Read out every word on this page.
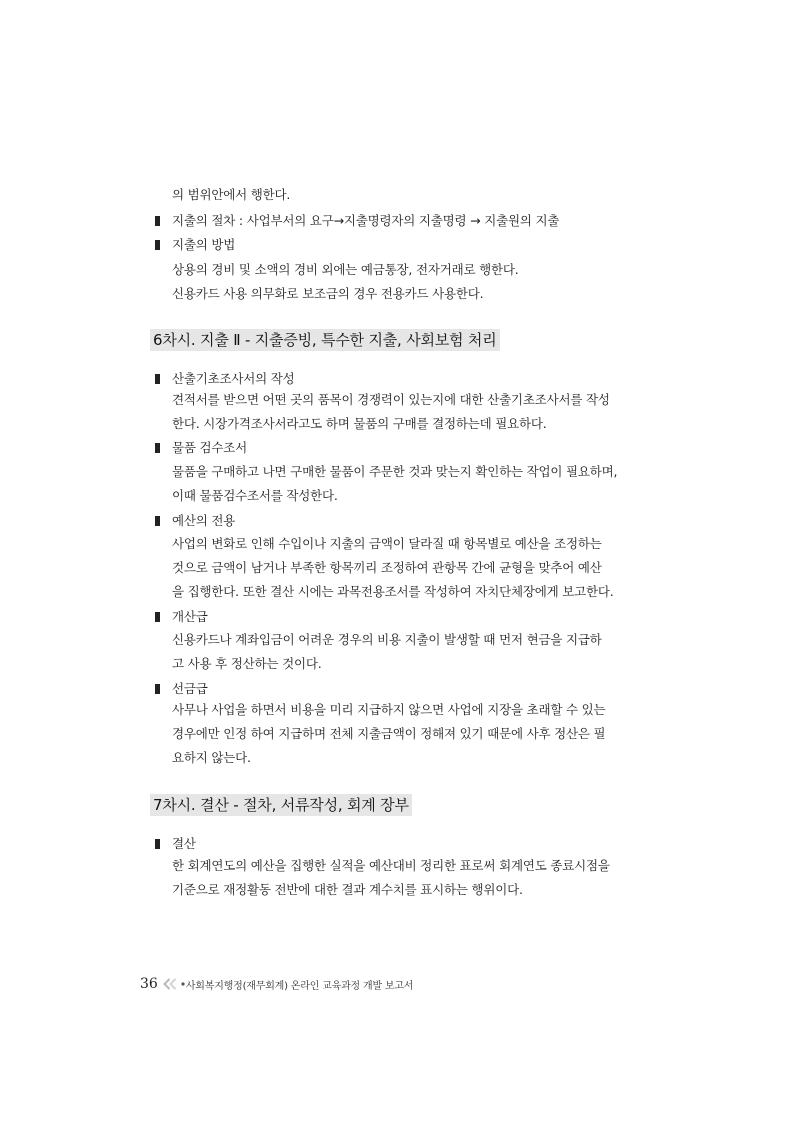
의 범위안에서 행한다.
지출의 절차 : 사업부서의 요구→지출명령자의 지출명령 → 지출원의 지출
지출의 방법
상용의 경비 및 소액의 경비 외에는 예금통장, 전자거래로 행한다.
신용카드 사용 의무화로 보조금의 경우 전용카드 사용한다.
6차시. 지출 Ⅱ - 지출증빙, 특수한 지출, 사회보험 처리
산출기초조사서의 작성
견적서를 받으면 어떤 곳의 품목이 경쟁력이 있는지에 대한 산출기초조사서를 작성
한다. 시장가격조사서라고도 하며 물품의 구매를 결정하는데 필요하다.
물품 검수조서
물품을 구매하고 나면 구매한 물품이 주문한 것과 맞는지 확인하는 작업이 필요하며,
이때 물품검수조서를 작성한다.
예산의 전용
사업의 변화로 인해 수입이나 지출의 금액이 달라질 때 항목별로 예산을 조정하는
것으로 금액이 남거나 부족한 항목끼리 조정하여 관항목 간에 균형을 맞추어 예산
을 집행한다. 또한 결산 시에는 과목전용조서를 작성하여 자치단체장에게 보고한다.
개산급
신용카드나 계좌입금이 어려운 경우의 비용 지출이 발생할 때 먼저 현금을 지급하
고 사용 후 정산하는 것이다.
선금급
사무나 사업을 하면서 비용을 미리 지급하지 않으면 사업에 지장을 초래할 수 있는
경우에만 인정 하여 지급하며 전체 지출금액이 정해져 있기 때문에 사후 정산은 필
요하지 않는다.
7차시. 결산 - 절차, 서류작성, 회계 장부
결산
한 회계연도의 예산을 집행한 실적을 예산대비 정리한 표로써 회계연도 종료시점을
기준으로 재정활동 전반에 대한 결과 계수치를 표시하는 행위이다.
36	사회복지행정(재무회계) 온라인 교육과정 개발 보고서
